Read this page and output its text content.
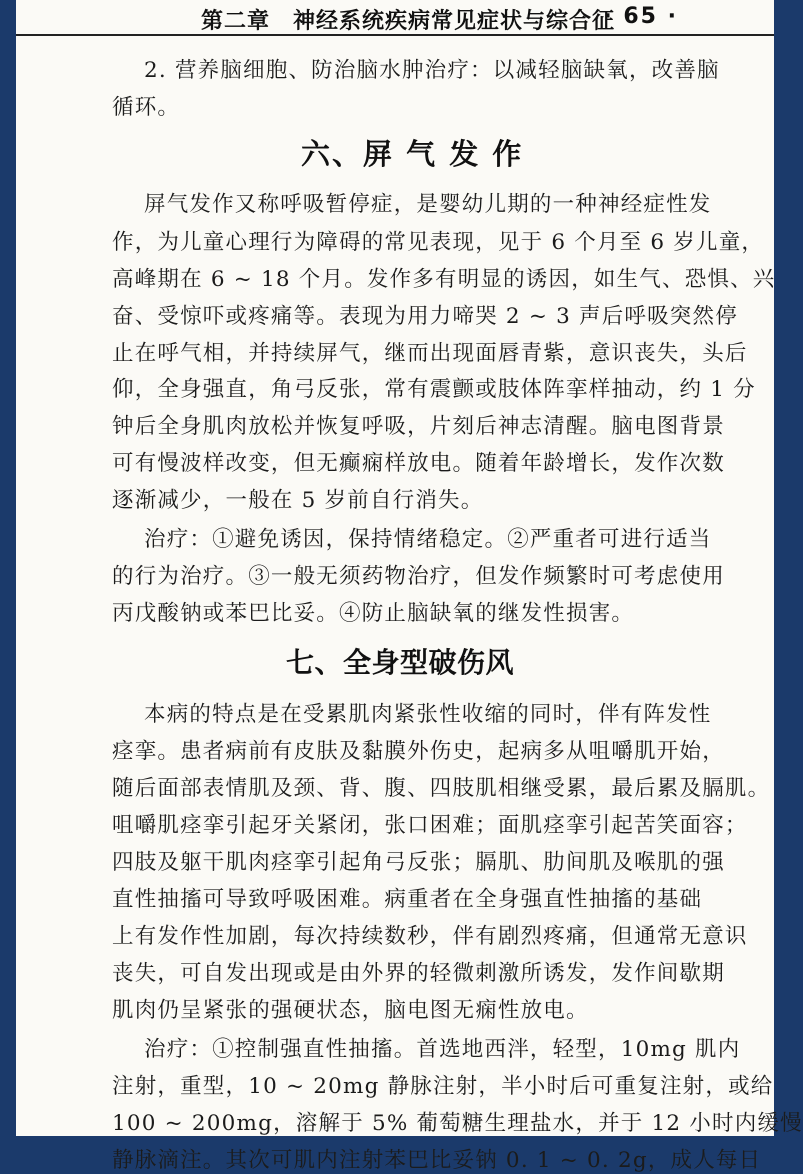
第二章　神经系统疾病常见症状与综合征
· 65 ·
2. 营养脑细胞、防治脑水肿治疗：以减轻脑缺氧，改善脑
循环。
六、屏 气 发 作
屏气发作又称呼吸暂停症，是婴幼儿期的一种神经症性发
作，为儿童心理行为障碍的常见表现，见于 6 个月至 6 岁儿童，
高峰期在 6 ~ 18 个月。发作多有明显的诱因，如生气、恐惧、兴
奋、受惊吓或疼痛等。表现为用力啼哭 2 ~ 3 声后呼吸突然停
止在呼气相，并持续屏气，继而出现面唇青紫，意识丧失，头后
仰，全身强直，角弓反张，常有震颤或肢体阵挛样抽动，约 1 分
钟后全身肌肉放松并恢复呼吸，片刻后神志清醒。脑电图背景
可有慢波样改变，但无癫痫样放电。随着年龄增长，发作次数
逐渐减少，一般在 5 岁前自行消失。
治疗：①避免诱因，保持情绪稳定。②严重者可进行适当
的行为治疗。③一般无须药物治疗，但发作频繁时可考虑使用
丙戊酸钠或苯巴比妥。④防止脑缺氧的继发性损害。
七、全身型破伤风
本病的特点是在受累肌肉紧张性收缩的同时，伴有阵发性
痉挛。患者病前有皮肤及黏膜外伤史，起病多从咀嚼肌开始，
随后面部表情肌及颈、背、腹、四肢肌相继受累，最后累及膈肌。
咀嚼肌痉挛引起牙关紧闭，张口困难；面肌痉挛引起苦笑面容；
四肢及躯干肌肉痉挛引起角弓反张；膈肌、肋间肌及喉肌的强
直性抽搐可导致呼吸困难。病重者在全身强直性抽搐的基础
上有发作性加剧，每次持续数秒，伴有剧烈疼痛，但通常无意识
丧失，可自发出现或是由外界的轻微刺激所诱发，发作间歇期
肌肉仍呈紧张的强硬状态，脑电图无痫性放电。
治疗：①控制强直性抽搐。首选地西泮，轻型，10mg 肌内
注射，重型，10 ~ 20mg 静脉注射，半小时后可重复注射，或给
100 ~ 200mg，溶解于 5% 葡萄糖生理盐水，并于 12 小时内缓慢
静脉滴注。其次可肌内注射苯巴比妥钠 0. 1 ~ 0. 2g，成人每日
